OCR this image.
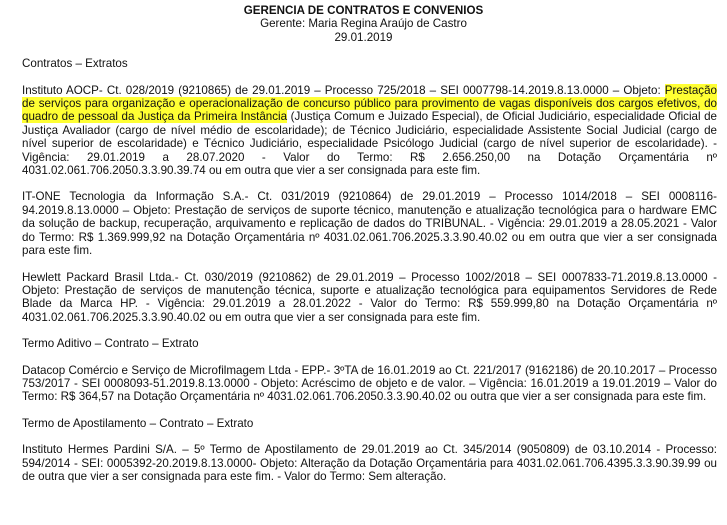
GERENCIA DE CONTRATOS E CONVENIOS
Gerente: Maria Regina Araújo de Castro
29.01.2019
Contratos – Extratos
Instituto AOCP- Ct. 028/2019 (9210865) de 29.01.2019 – Processo 725/2018 – SEI 0007798-14.2019.8.13.0000 – Objeto: Prestação de serviços para organização e operacionalização de concurso público para provimento de vagas disponíveis dos cargos efetivos, do quadro de pessoal da Justiça da Primeira Instância (Justiça Comum e Juizado Especial), de Oficial Judiciário, especialidade Oficial de Justiça Avaliador (cargo de nível médio de escolaridade); de Técnico Judiciário, especialidade Assistente Social Judicial (cargo de nível superior de escolaridade) e Técnico Judiciário, especialidade Psicólogo Judicial (cargo de nível superior de escolaridade). - Vigência: 29.01.2019 a 28.07.2020 - Valor do Termo: R$ 2.656.250,00 na Dotação Orçamentária nº 4031.02.061.706.2050.3.3.90.39.74 ou em outra que vier a ser consignada para este fim.
IT-ONE Tecnologia da Informação S.A.- Ct. 031/2019 (9210864) de 29.01.2019 – Processo 1014/2018 – SEI 0008116-94.2019.8.13.0000 – Objeto: Prestação de serviços de suporte técnico, manutenção e atualização tecnológica para o hardware EMC da solução de backup, recuperação, arquivamento e replicação de dados do TRIBUNAL. - Vigência: 29.01.2019 a 28.05.2021 - Valor do Termo: R$ 1.369.999,92 na Dotação Orçamentária nº 4031.02.061.706.2025.3.3.90.40.02 ou em outra que vier a ser consignada para este fim.
Hewlett Packard Brasil Ltda.- Ct. 030/2019 (9210862) de 29.01.2019 – Processo 1002/2018 – SEI 0007833-71.2019.8.13.0000 - Objeto: Prestação de serviços de manutenção técnica, suporte e atualização tecnológica para equipamentos Servidores de Rede Blade da Marca HP. - Vigência: 29.01.2019 a 28.01.2022 - Valor do Termo: R$ 559.999,80 na Dotação Orçamentária nº 4031.02.061.706.2025.3.3.90.40.02 ou em outra que vier a ser consignada para este fim.
Termo Aditivo – Contrato – Extrato
Datacop Comércio e Serviço de Microfilmagem Ltda - EPP.- 3ºTA de 16.01.2019 ao Ct. 221/2017 (9162186) de 20.10.2017 – Processo 753/2017 - SEI 0008093-51.2019.8.13.0000 - Objeto: Acréscimo de objeto e de valor. – Vigência: 16.01.2019 a 19.01.2019 – Valor do Termo: R$ 364,57 na Dotação Orçamentária nº 4031.02.061.706.2050.3.3.90.40.02 ou outra que vier a ser consignada para este fim.
Termo de Apostilamento – Contrato – Extrato
Instituto Hermes Pardini S/A. – 5º Termo de Apostilamento de 29.01.2019 ao Ct. 345/2014 (9050809) de 03.10.2014 - Processo: 594/2014 - SEI: 0005392-20.2019.8.13.0000- Objeto: Alteração da Dotação Orçamentária para 4031.02.061.706.4395.3.3.90.39.99 ou de outra que vier a ser consignada para este fim. - Valor do Termo: Sem alteração.
